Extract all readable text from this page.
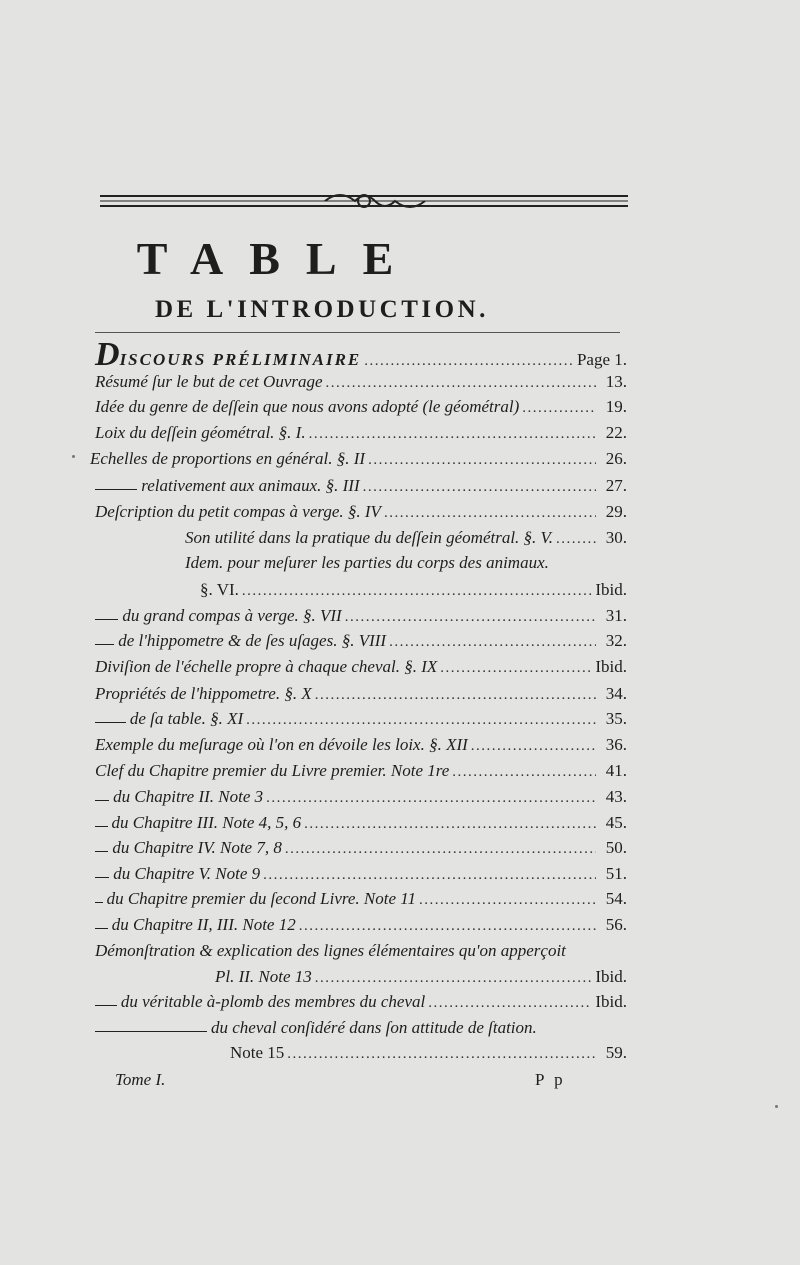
TABLE
DE L'INTRODUCTION.
DISCOURS PRÉLIMINAIRE .....	Page 1.
Résumé ſur le but de cet Ouvrage .....	13.
Idée du genre de deſſein que nous avons adopté (le géométral) .....	19.
Loix du deſſein géométral. §. I. .....	22.
Echelles de proportions en général. §. II .....	26.
relativement aux animaux. §. III .....	27.
Deſcription du petit compas à verge. §. IV .....	29.
Son utilité dans la pratique du deſſein géométral. §. V. .....	30.
Idem. pour meſurer les parties du corps des animaux.
§. VI. .....	Ibid.
du grand compas à verge. §. VII .....	31.
de l'hippometre & de ſes uſages. §. VIII .....	32.
Diviſion de l'échelle propre à chaque cheval. §. IX .....	Ibid.
Propriétés de l'hippometre. §. X .....	34.
de ſa table. §. XI .....	35.
Exemple du meſurage où l'on en dévoile les loix. §. XII .....	36.
Clef du Chapitre premier du Livre premier. Note 1re .....	41.
du Chapitre II. Note 3 .....	43.
du Chapitre III. Note 4, 5, 6 .....	45.
du Chapitre IV. Note 7, 8 .....	50.
du Chapitre V. Note 9 .....	51.
du Chapitre premier du ſecond Livre. Note 11 .....	54.
du Chapitre II, III. Note 12 .....	56.
Démonſtration & explication des lignes élémentaires qu'on apperçoit
Pl. II. Note 13 .....	Ibid.
du véritable à-plomb des membres du cheval .....	Ibid.
du cheval conſidéré dans ſon attitude de ſtation.
Note 15 .....	59.
Tome I.	P p
